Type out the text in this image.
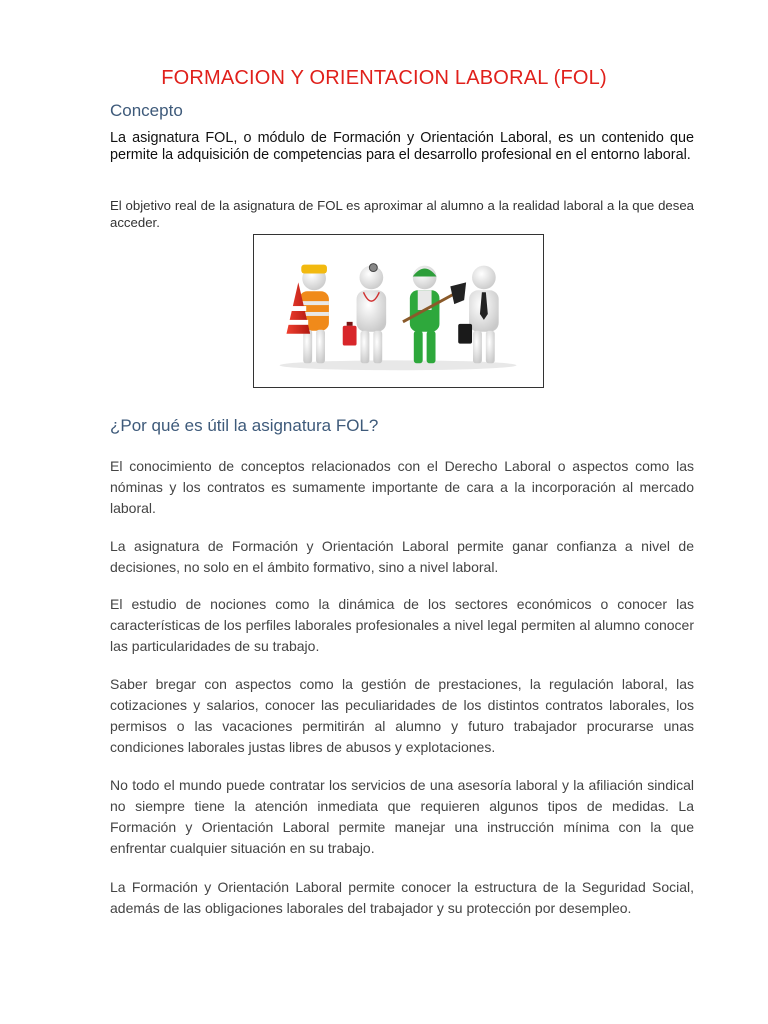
FORMACION Y ORIENTACION LABORAL (FOL)
Concepto

La asignatura FOL, o módulo de Formación y Orientación Laboral, es un contenido que permite la adquisición de competencias para el desarrollo profesional en el entorno laboral.

El objetivo real de la asignatura de FOL es aproximar al alumno a la realidad laboral a la que desea acceder.

¿Por qué es útil la asignatura FOL?

El conocimiento de conceptos relacionados con el Derecho Laboral o aspectos como las nóminas y los contratos es sumamente importante de cara a la incorporación al mercado laboral.

La asignatura de Formación y Orientación Laboral permite ganar confianza a nivel de decisiones, no solo en el ámbito formativo, sino a nivel laboral.

El estudio de nociones como la dinámica de los sectores económicos o conocer las características de los perfiles laborales profesionales a nivel legal permiten al alumno conocer las particularidades de su trabajo.

Saber bregar con aspectos como la gestión de prestaciones, la regulación laboral, las cotizaciones y salarios, conocer las peculiaridades de los distintos contratos laborales, los permisos o las vacaciones permitirán al alumno y futuro trabajador procurarse unas condiciones laborales justas libres de abusos y explotaciones.

No todo el mundo puede contratar los servicios de una asesoría laboral y la afiliación sindical no siempre tiene la atención inmediata que requieren algunos tipos de medidas. La Formación y Orientación Laboral permite manejar una instrucción mínima con la que enfrentar cualquier situación en su trabajo.

La Formación y Orientación Laboral permite conocer la estructura de la Seguridad Social, además de las obligaciones laborales del trabajador y su protección por desempleo.
